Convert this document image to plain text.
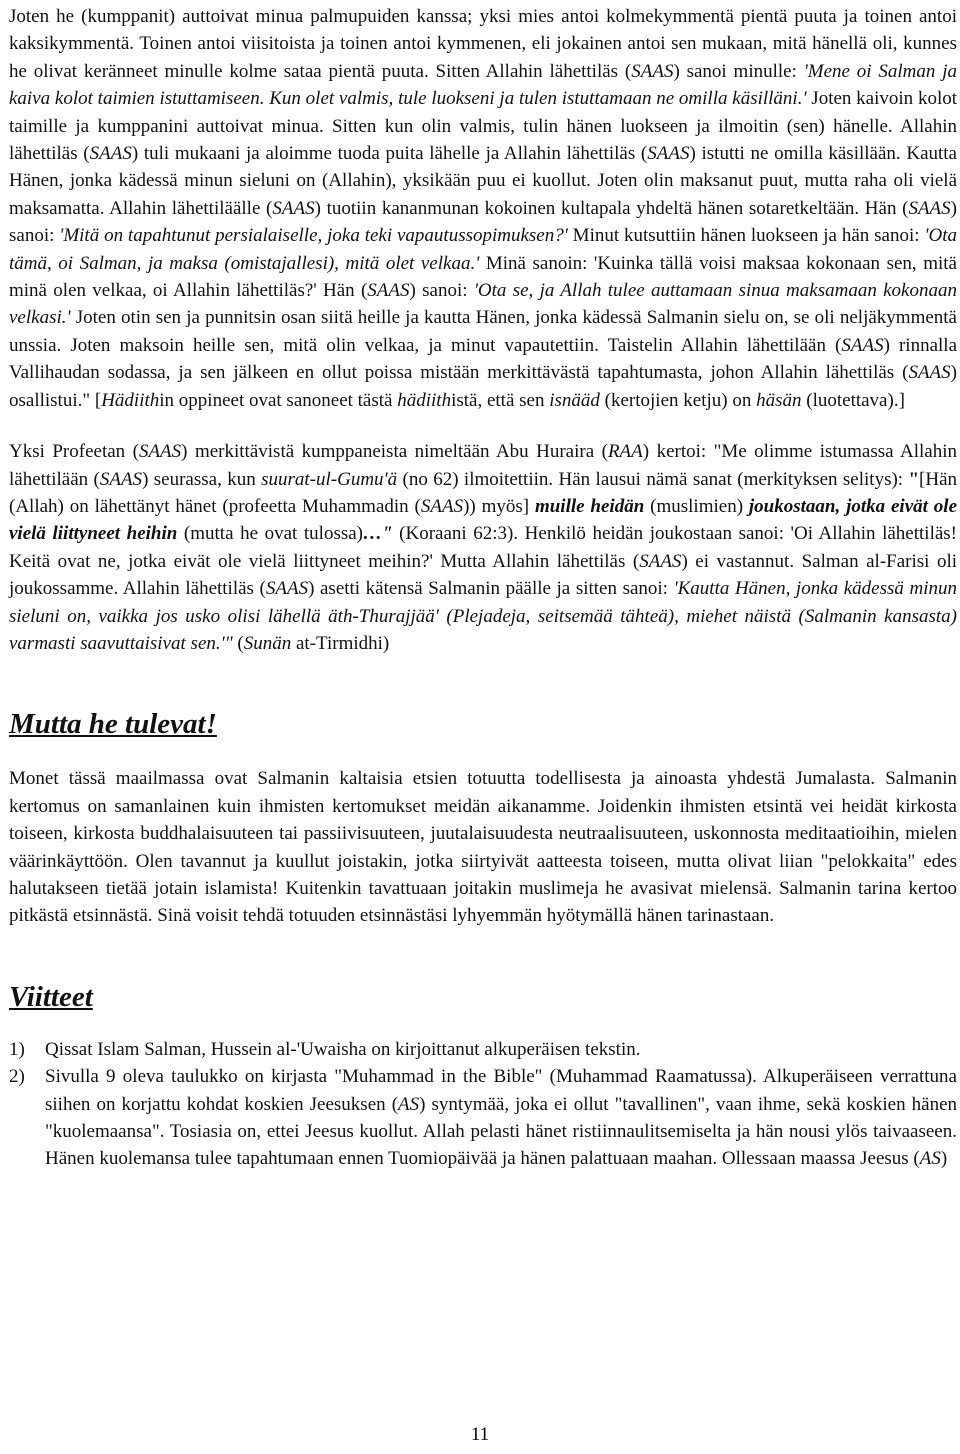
Joten he (kumppanit) auttoivat minua palmupuiden kanssa; yksi mies antoi kolmekymmentä pientä puuta ja toinen antoi kaksikymmentä. Toinen antoi viisitoista ja toinen antoi kymmenen, eli jokainen antoi sen mukaan, mitä hänellä oli, kunnes he olivat keränneet minulle kolme sataa pientä puuta. Sitten Allahin lähettiläs (SAAS) sanoi minulle: 'Mene oi Salman ja kaiva kolot taimien istuttamiseen. Kun olet valmis, tule luokseni ja tulen istuttamaan ne omilla käsilläni.' Joten kaivoin kolot taimille ja kumppanini auttoivat minua. Sitten kun olin valmis, tulin hänen luokseen ja ilmoitin (sen) hänelle. Allahin lähettiläs (SAAS) tuli mukaani ja aloimme tuoda puita lähelle ja Allahin lähettiläs (SAAS) istutti ne omilla käsillään. Kautta Hänen, jonka kädessä minun sieluni on (Allahin), yksikään puu ei kuollut. Joten olin maksanut puut, mutta raha oli vielä maksamatta. Allahin lähettiläälle (SAAS) tuotiin kananmunan kokoinen kultapala yhdeltä hänen sotaretkeltään. Hän (SAAS) sanoi: 'Mitä on tapahtunut persialaiselle, joka teki vapautussopimuksen?' Minut kutsuttiin hänen luokseen ja hän sanoi: 'Ota tämä, oi Salman, ja maksa (omistajallesi), mitä olet velkaa.' Minä sanoin: 'Kuinka tällä voisi maksaa kokonaan sen, mitä minä olen velkaa, oi Allahin lähettiläs?' Hän (SAAS) sanoi: 'Ota se, ja Allah tulee auttamaan sinua maksamaan kokonaan velkasi.' Joten otin sen ja punnitsin osan siitä heille ja kautta Hänen, jonka kädessä Salmanin sielu on, se oli neljäkymmentä unssia. Joten maksoin heille sen, mitä olin velkaa, ja minut vapautettiin. Taistelin Allahin lähettilään (SAAS) rinnalla Vallihaudan sodassa, ja sen jälkeen en ollut poissa mistään merkittävästä tapahtumasta, johon Allahin lähettiläs (SAAS) osallistui." [Hädiithin oppineet ovat sanoneet tästä hädiithistä, että sen isnääd (kertojien ketju) on häsän (luotettava).]

Yksi Profeetan (SAAS) merkittävistä kumppaneista nimeltään Abu Huraira (RAA) kertoi: "Me olimme istumassa Allahin lähettilään (SAAS) seurassa, kun suurat-ul-Gumu'ä (no 62) ilmoitettiin. Hän lausui nämä sanat (merkityksen selitys): "[Hän (Allah) on lähettänyt hänet (profeetta Muhammadin (SAAS)) myös] muille heidän (muslimien) joukostaan, jotka eivät ole vielä liittyneet heihin (mutta he ovat tulossa)…" (Koraani 62:3). Henkilö heidän joukostaan sanoi: 'Oi Allahin lähettiläs! Keitä ovat ne, jotka eivät ole vielä liittyneet meihin?' Mutta Allahin lähettiläs (SAAS) ei vastannut. Salman al-Farisi oli joukossamme. Allahin lähettiläs (SAAS) asetti kätensä Salmanin päälle ja sitten sanoi: 'Kautta Hänen, jonka kädessä minun sieluni on, vaikka jos usko olisi lähellä äth-Thurajjää' (Plejadeja, seitsemää tähteä), miehet näistä (Salmanin kansasta) varmasti saavuttaisivat sen.'" (Sunän at-Tirmidhi)

Mutta he tulevat!

Monet tässä maailmassa ovat Salmanin kaltaisia etsien totuutta todellisesta ja ainoasta yhdestä Jumalasta. Salmanin kertomus on samanlainen kuin ihmisten kertomukset meidän aikanamme. Joidenkin ihmisten etsintä vei heidät kirkosta toiseen, kirkosta buddhalaisuuteen tai passiivisuuteen, juutalaisuudesta neutraalisuuteen, uskonnosta meditaatioihin, mielen väärinkäyttöön. Olen tavannut ja kuullut joistakin, jotka siirtyivät aatteesta toiseen, mutta olivat liian "pelokkaita" edes halutakseen tietää jotain islamista! Kuitenkin tavattuaan joitakin muslimeja he avasivat mielensä. Salmanin tarina kertoo pitkästä etsinnästä. Sinä voisit tehdä totuuden etsinnästäsi lyhyemmän hyötymällä hänen tarinastaan.

Viitteet
1) Qissat Islam Salman, Hussein al-'Uwaisha on kirjoittanut alkuperäisen tekstin.
2) Sivulla 9 oleva taulukko on kirjasta "Muhammad in the Bible" (Muhammad Raamatussa). Alkuperäiseen verrattuna siihen on korjattu kohdat koskien Jeesuksen (AS) syntymää, joka ei ollut "tavallinen", vaan ihme, sekä koskien hänen "kuolemaansa". Tosiasia on, ettei Jeesus kuollut. Allah pelasti hänet ristiinnaulitsemiselta ja hän nousi ylös taivaaseen. Hänen kuolemansa tulee tapahtumaan ennen Tuomiopäivää ja hänen palattuaan maahan. Ollessaan maassa Jeesus (AS)
11
